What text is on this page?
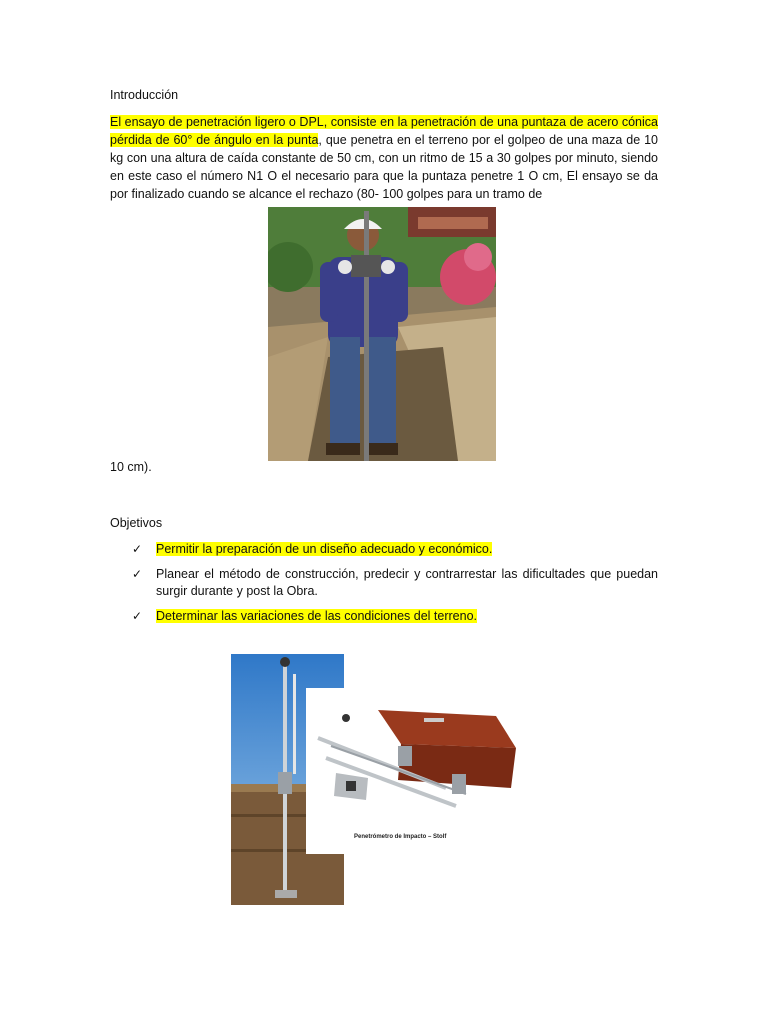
Introducción
El ensayo de penetración ligero o DPL, consiste en la penetración de una puntaza de acero cónica pérdida de 60° de ángulo en la punta, que penetra en el terreno por el golpeo de una maza de 10 kg con una altura de caída constante de 50 cm, con un ritmo de 15 a 30 golpes por minuto, siendo en este caso el número N1 O el necesario para que la puntaza penetre 1 O cm, El ensayo se da por finalizado cuando se alcance el rechazo (80- 100 golpes para un tramo de
10 cm).
Objetivos
✓ Permitir la preparación de un diseño adecuado y económico.
✓ Planear el método de construcción, predecir y contrarrestar las dificultades que puedan surgir durante y post la Obra.
✓ Determinar las variaciones de las condiciones del terreno.
Penetrómetro de Impacto – Stolf
